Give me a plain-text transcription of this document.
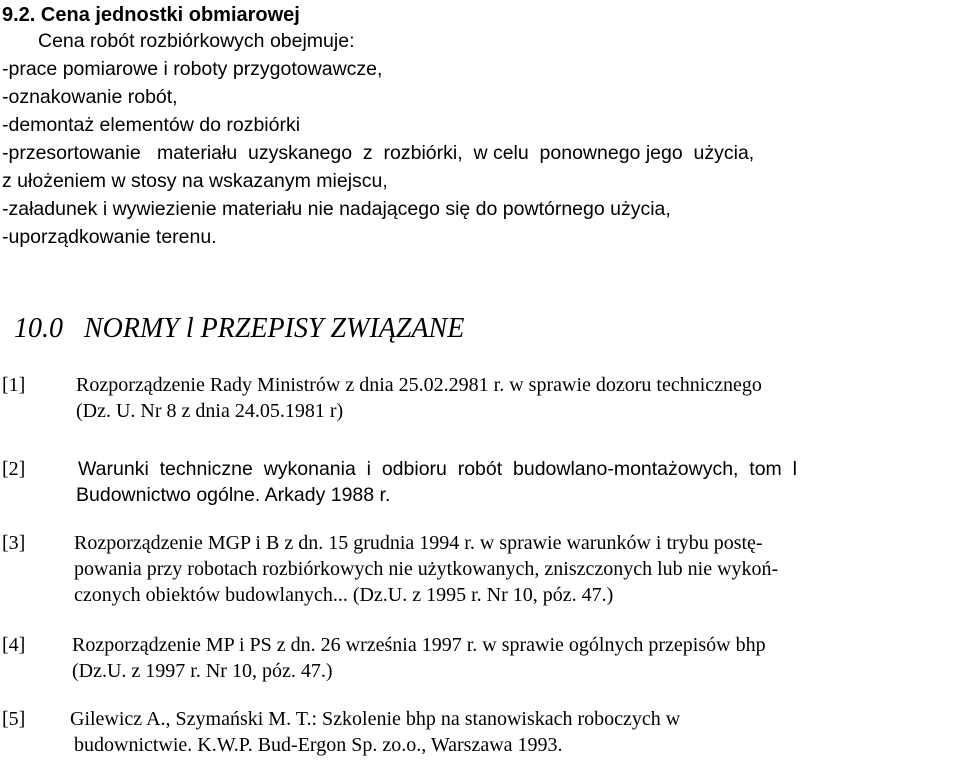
9.2. Cena jednostki obmiarowej
Cena robót rozbiórkowych obejmuje:
-prace pomiarowe i roboty przygotowawcze,
-oznakowanie robót,
-demontaż elementów do rozbiórki
-przesortowanie   materiału  uzyskanego  z  rozbiórki,  w celu  ponownego jego  użycia,
z ułożeniem w stosy na wskazanym miejscu,
-załadunek i wywiezienie materiału nie nadającego się do powtórnego użycia,
-uporządkowanie terenu.
10.0   NORMY l PRZEPISY ZWIĄZANE
[1]	Rozporządzenie Rady Ministrów z dnia 25.02.2981 r. w sprawie dozoru technicznego
(Dz. U. Nr 8 z dnia 24.05.1981 r)
[2]	Warunki  techniczne  wykonania  i  odbioru  robót  budowlano-montażowych,  tom  l
Budownictwo ogólne. Arkady 1988 r.
[3] Rozporządzenie MGP i B z dn. 15 grudnia 1994 r. w sprawie warunków i trybu postę-
powania przy robotach rozbiórkowych nie użytkowanych, zniszczonych lub nie wykoń-
czonych obiektów budowlanych... (Dz.U. z 1995 r. Nr 10, póz. 47.)
[4] Rozporządzenie MP i PS z dn. 26 września 1997 r. w sprawie ogólnych przepisów bhp
(Dz.U. z 1997 r. Nr 10, póz. 47.)
[5] Gilewicz A., Szymański M. T.: Szkolenie bhp na stanowiskach roboczych w
budownictwie. K.W.P. Bud-Ergon Sp. zo.o., Warszawa 1993.
